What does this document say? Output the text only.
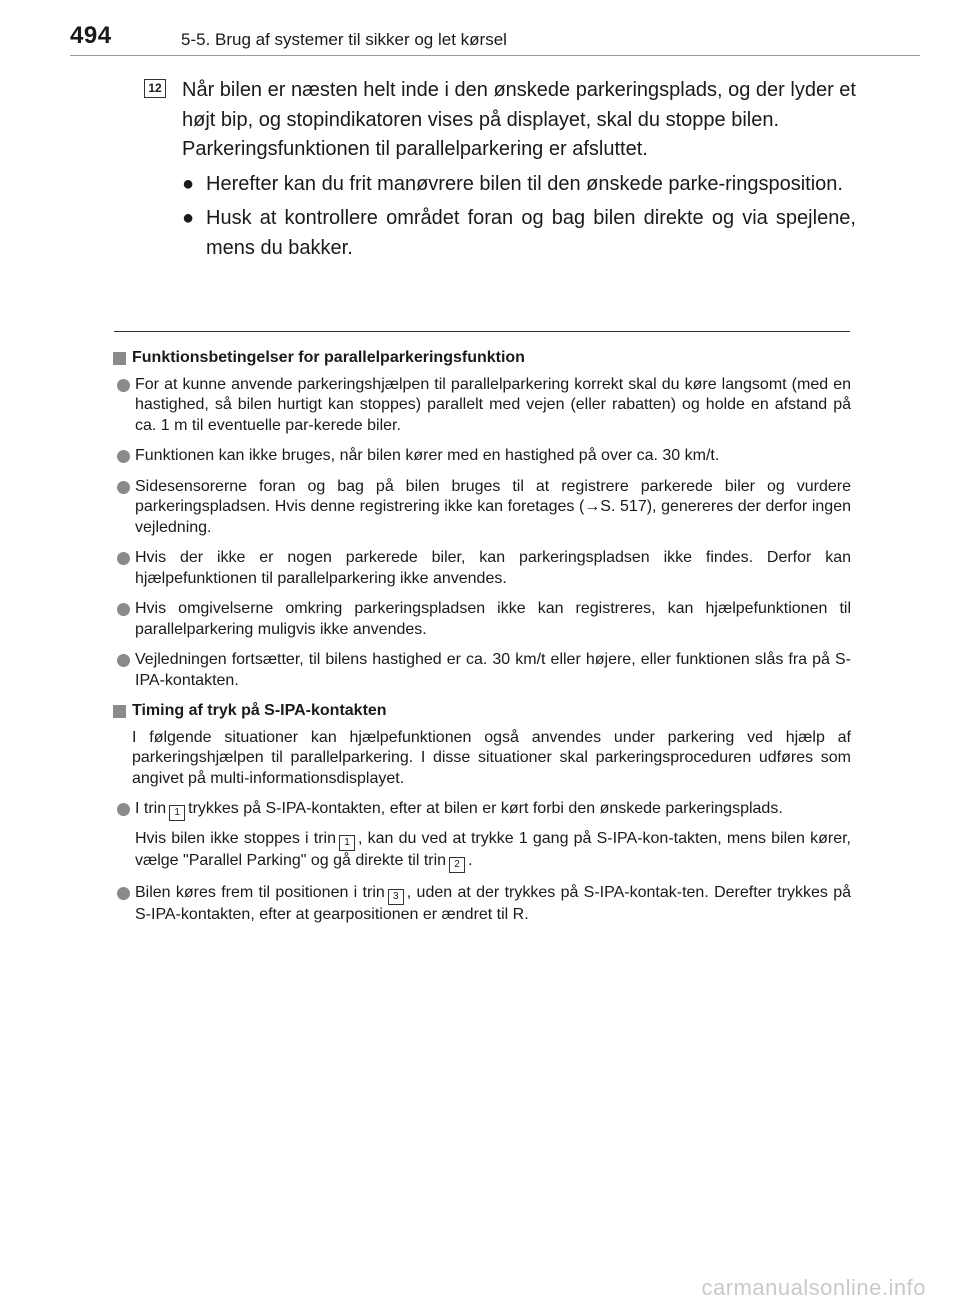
494	5-5. Brug af systemer til sikker og let kørsel
12 Når bilen er næsten helt inde i den ønskede parkeringsplads, og der lyder et højt bip, og stopindikatoren vises på displayet, skal du stoppe bilen.

Parkeringsfunktionen til parallelparkering er afsluttet.

● Herefter kan du frit manøvrere bilen til den ønskede parke-ringsposition.
● Husk at kontrollere området foran og bag bilen direkte og via spejlene, mens du bakker.
Funktionsbetingelser for parallelparkeringsfunktion
For at kunne anvende parkeringshjælpen til parallelparkering korrekt skal du køre langsomt (med en hastighed, så bilen hurtigt kan stoppes) parallelt med vejen (eller rabatten) og holde en afstand på ca. 1 m til eventuelle par-kerede biler.
Funktionen kan ikke bruges, når bilen kører med en hastighed på over ca. 30 km/t.
Sidesensorerne foran og bag på bilen bruges til at registrere parkerede biler og vurdere parkeringspladsen. Hvis denne registrering ikke kan foretages (→S. 517), genereres der derfor ingen vejledning.
Hvis der ikke er nogen parkerede biler, kan parkeringspladsen ikke findes. Derfor kan hjælpefunktionen til parallelparkering ikke anvendes.
Hvis omgivelserne omkring parkeringspladsen ikke kan registreres, kan hjælpefunktionen til parallelparkering muligvis ikke anvendes.
Vejledningen fortsætter, til bilens hastighed er ca. 30 km/t eller højere, eller funktionen slås fra på S-IPA-kontakten.
Timing af tryk på S-IPA-kontakten

I følgende situationer kan hjælpefunktionen også anvendes under parkering ved hjælp af parkeringshjælpen til parallelparkering. I disse situationer skal parkeringsproceduren udføres som angivet på multi-informationsdisplayet.

I trin 1 trykkes på S-IPA-kontakten, efter at bilen er kørt forbi den ønskede parkeringsplads.

Hvis bilen ikke stoppes i trin 1 , kan du ved at trykke 1 gang på S-IPA-kon-takten, mens bilen kører, vælge "Parallel Parking" og gå direkte til trin 2 .

Bilen køres frem til positionen i trin 3 , uden at der trykkes på S-IPA-kontak-ten. Derefter trykkes på S-IPA-kontakten, efter at gearpositionen er ændret til R.
carmanualsonline.info
